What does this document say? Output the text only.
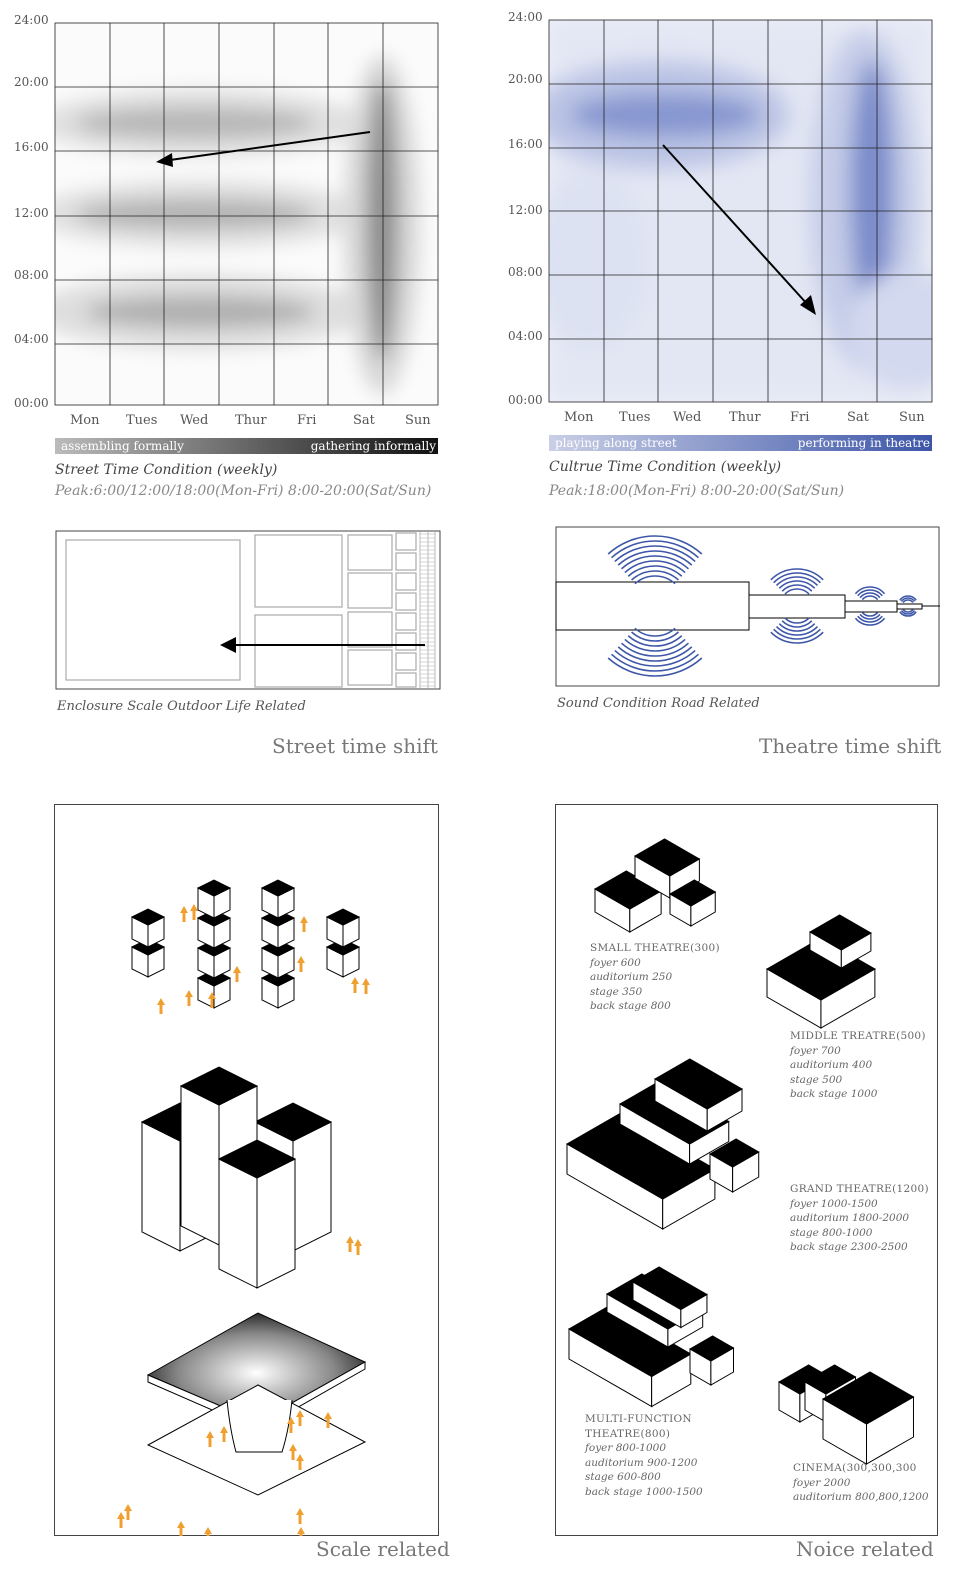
24:00
20:00
16:00
12:00
08:00
04:00
00:00
Mon Tues Wed Thur Fri	Sat Sun
assembling formally	gathering informally
Street Time Condition (weekly)
Peak:6:00/12:00/18:00(Mon-Fri) 8:00-20:00(Sat/Sun)
24:00
20:00
16:00
12:00
08:00
04:00
00:00
Mon Tues Wed Thur Fri	Sat Sun
playing along street	performing in theatre
Cultrue Time Condition (weekly)
Peak:18:00(Mon-Fri) 8:00-20:00(Sat/Sun)
Enclosure Scale Outdoor Life Related
Street time shift
Sound Condition Road Related
Theatre time shift
Scale related
SMALL THEATRE(300)
foyer 600
auditorium 250
stage 350
back stage 800
MIDDLE TREATRE(500)
foyer 700
auditorium 400
stage 500
back stage 1000
GRAND THEATRE(1200)
foyer 1000-1500
auditorium 1800-2000
stage 800-1000
back stage 2300-2500
MULTI-FUNCTION
THEATRE(800)
foyer 800-1000
auditorium 900-1200
stage 600-800
back stage 1000-1500
CINEMA(300,300,300
foyer 2000
auditorium 800,800,1200
Noice related
